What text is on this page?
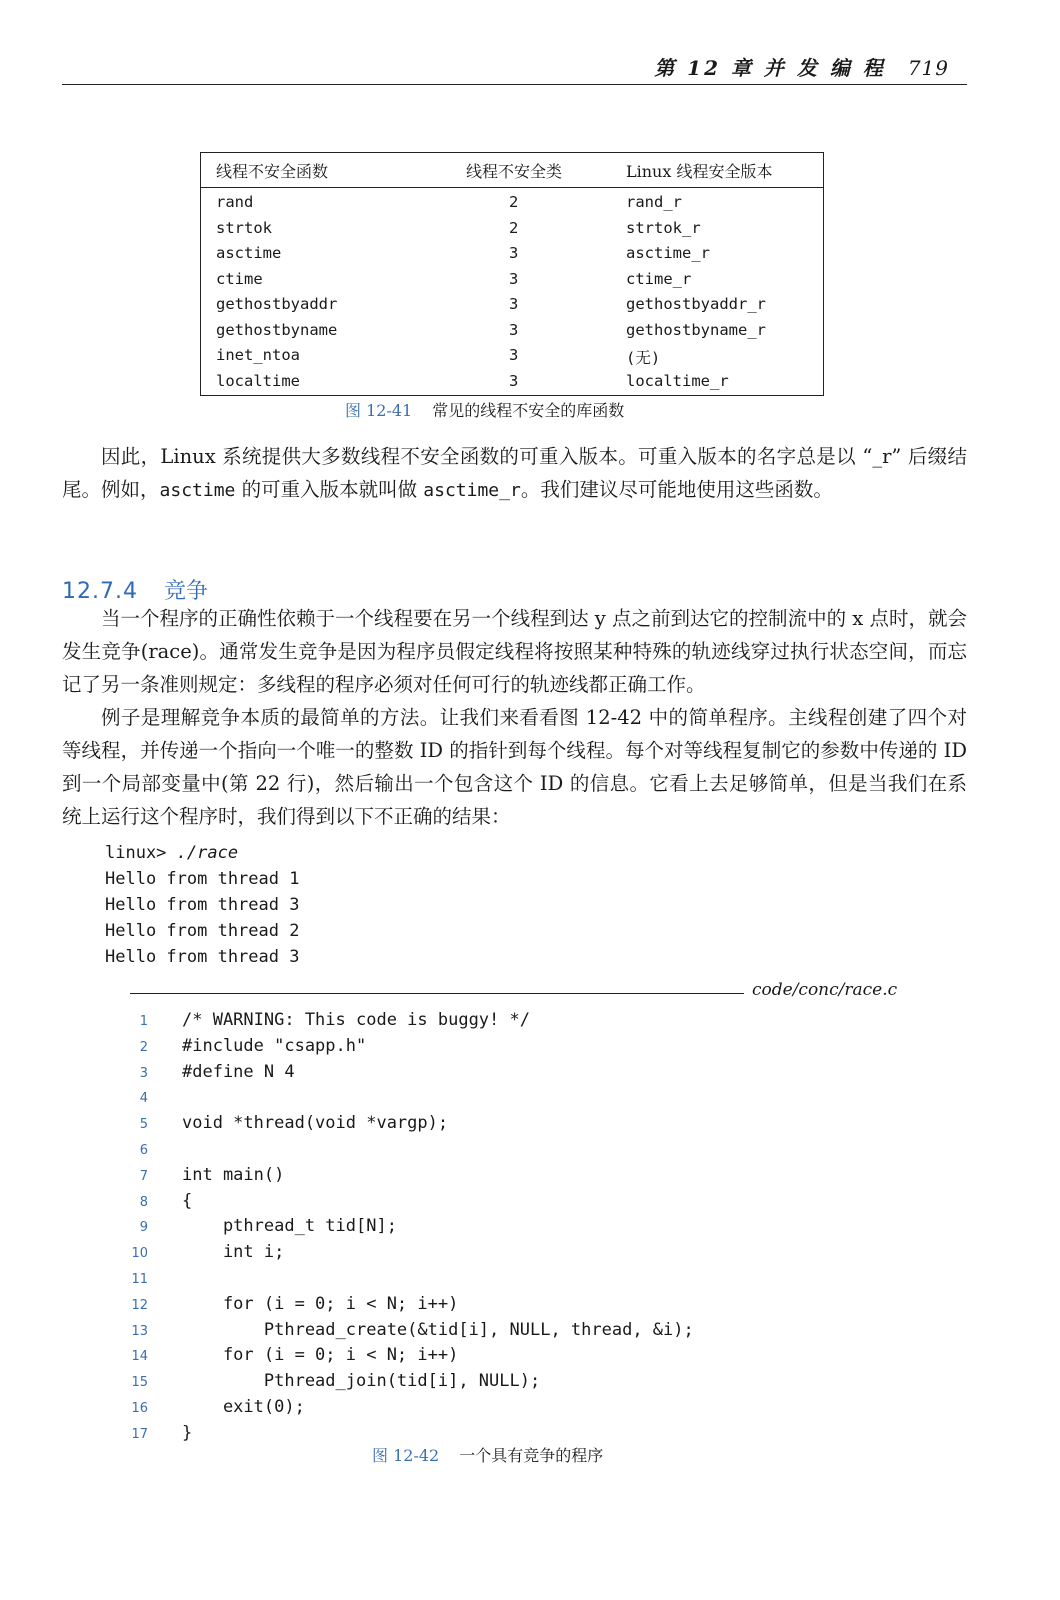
第 12 章 并 发 编 程 719
线程不安全函数	线程不安全类	Linux 线程安全版本
rand	2	rand_r
strtok	2	strtok_r
asctime	3	asctime_r
ctime	3	ctime_r
gethostbyaddr	3	gethostbyaddr_r
gethostbyname	3	gethostbyname_r
inet_ntoa	3	(无)
localtime	3	localtime_r
图 12-41 常见的线程不安全的库函数
因此，Linux 系统提供大多数线程不安全函数的可重入版本。可重入版本的名字总是以 “_r” 后缀结尾。例如，asctime 的可重入版本就叫做 asctime_r。我们建议尽可能地使用这些函数。
12.7.4 竞争
当一个程序的正确性依赖于一个线程要在另一个线程到达 y 点之前到达它的控制流中的 x 点时，就会发生竞争(race)。通常发生竞争是因为程序员假定线程将按照某种特殊的轨迹线穿过执行状态空间，而忘记了另一条准则规定：多线程的程序必须对任何可行的轨迹线都正确工作。
例子是理解竞争本质的最简单的方法。让我们来看看图 12-42 中的简单程序。主线程创建了四个对等线程，并传递一个指向一个唯一的整数 ID 的指针到每个线程。每个对等线程复制它的参数中传递的 ID 到一个局部变量中(第 22 行)，然后输出一个包含这个 ID 的信息。它看上去足够简单，但是当我们在系统上运行这个程序时，我们得到以下不正确的结果：
linux> ./race
Hello from thread 1
Hello from thread 3
Hello from thread 2
Hello from thread 3
code/conc/race.c
1 /* WARNING: This code is buggy! */
2 #include "csapp.h"
3 #define N 4
4
5 void *thread(void *vargp);
6
7 int main()
8 {
9 pthread_t tid[N];
10 int i;
11
12 for (i = 0; i < N; i++)
13 Pthread_create(&tid[i], NULL, thread, &i);
14 for (i = 0; i < N; i++)
15 Pthread_join(tid[i], NULL);
16 exit(0);
17 }
图 12-42 一个具有竞争的程序
